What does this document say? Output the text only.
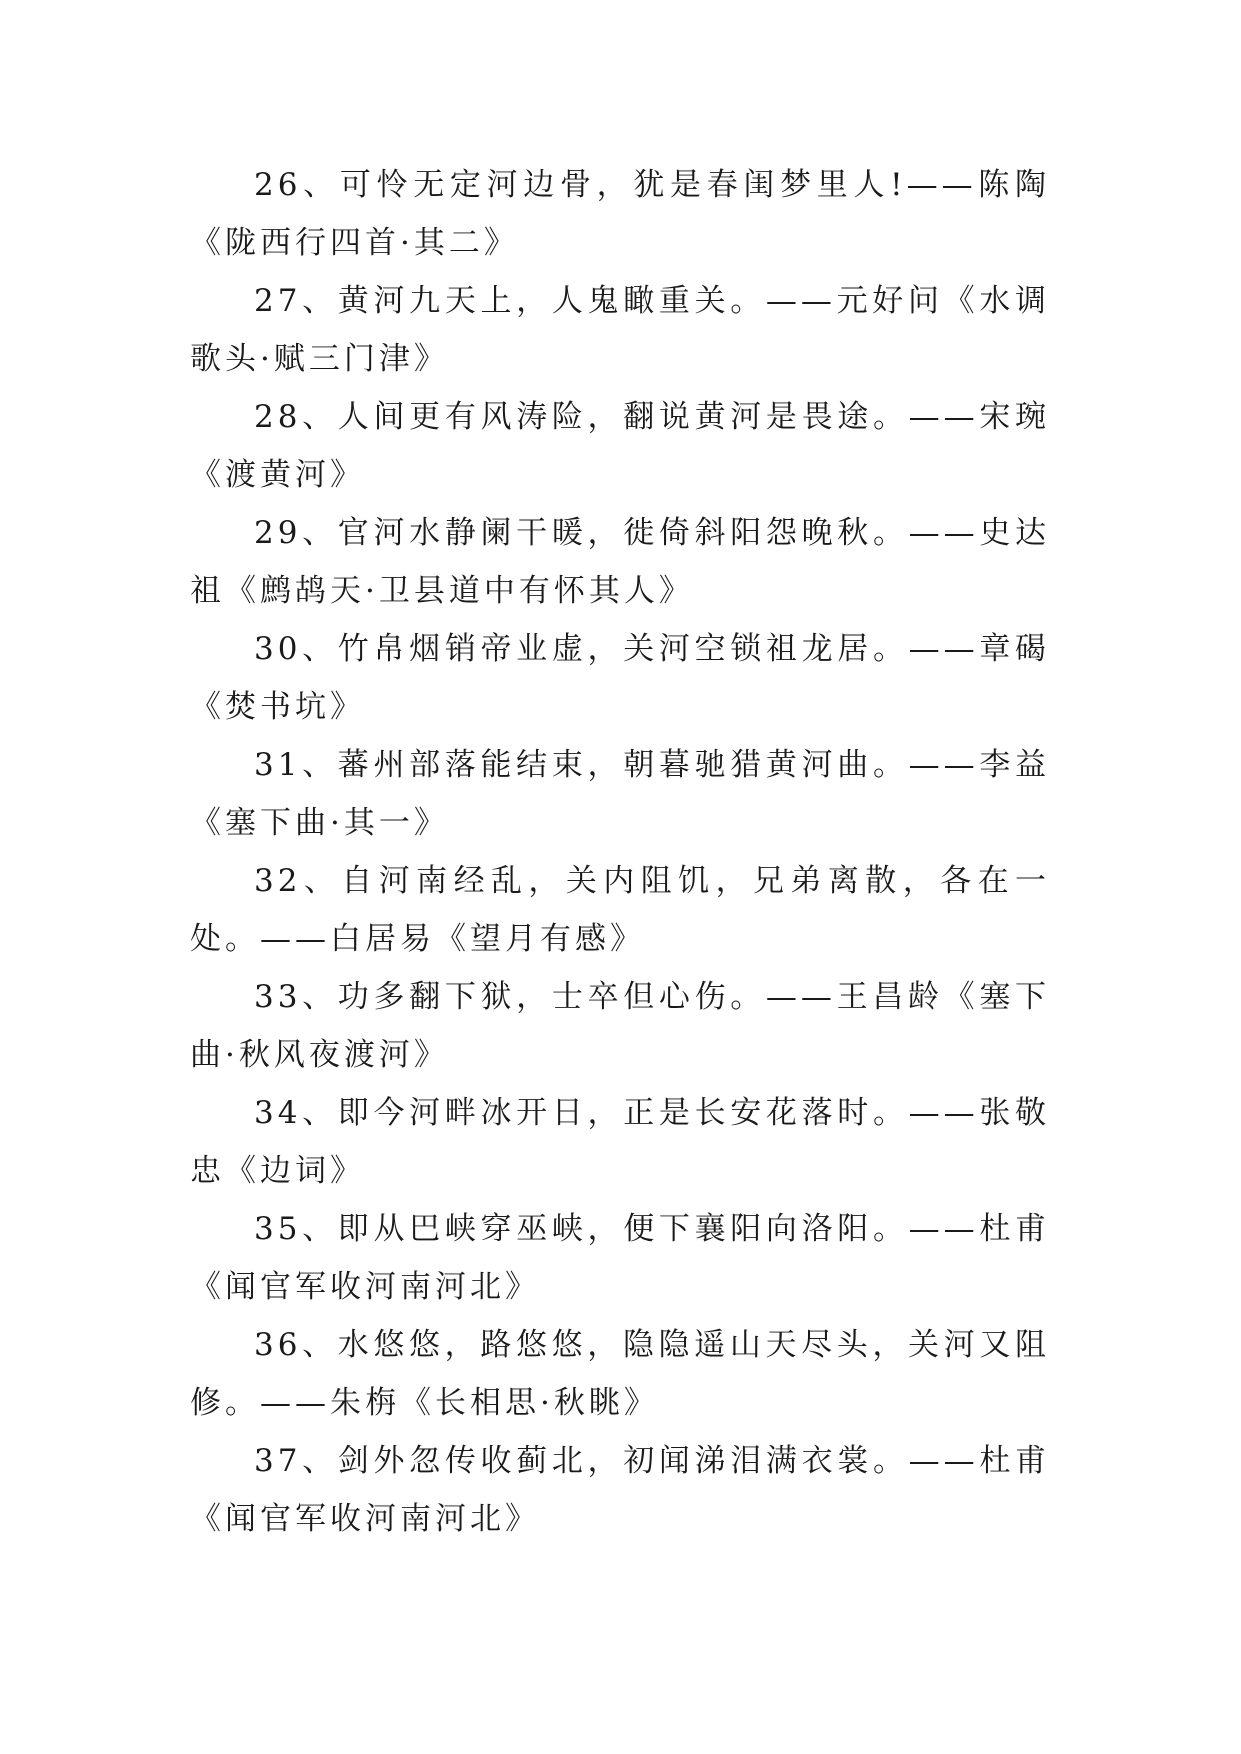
26、可怜无定河边骨，犹是春闺梦里人!——陈陶《陇西行四首·其二》

27、黄河九天上，人鬼瞰重关。——元好问《水调歌头·赋三门津》

28、人间更有风涛险，翻说黄河是畏途。——宋琬《渡黄河》

29、官河水静阑干暖，徙倚斜阳怨晚秋。——史达祖《鹧鸪天·卫县道中有怀其人》

30、竹帛烟销帝业虚，关河空锁祖龙居。——章碣《焚书坑》

31、蕃州部落能结束，朝暮驰猎黄河曲。——李益《塞下曲·其一》

32、自河南经乱，关内阻饥，兄弟离散，各在一处。——白居易《望月有感》

33、功多翻下狱，士卒但心伤。——王昌龄《塞下曲·秋风夜渡河》

34、即今河畔冰开日，正是长安花落时。——张敬忠《边词》

35、即从巴峡穿巫峡，便下襄阳向洛阳。——杜甫《闻官军收河南河北》

36、水悠悠，路悠悠，隐隐遥山天尽头，关河又阻修。——朱栴《长相思·秋眺》

37、剑外忽传收蓟北，初闻涕泪满衣裳。——杜甫《闻官军收河南河北》
